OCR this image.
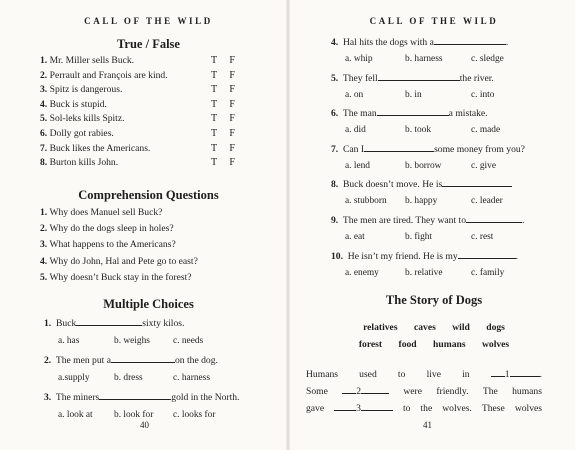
CALL OF THE WILD
True / False
1. Mr. Miller sells Buck.	T F
2. Perrault and François are kind.	T F
3. Spitz is dangerous.	T F
4. Buck is stupid.	T F
5. Sol-leks kills Spitz.	T F
6. Dolly got rabies.	T F
7. Buck likes the Americans.	T F
8. Burton kills John.	T F
Comprehension Questions
1. Why does Manuel sell Buck?
2. Why do the dogs sleep in holes?
3. What happens to the Americans?
4. Why do John, Hal and Pete go to east?
5. Why doesn’t Buck stay in the forest?
Multiple Choices
1. Buck	sixty kilos.
a. has	b. weighs c. needs
2. The men put a	on the dog.
a.supply	b. dress	c. harness
3. The miners	gold in the North.
a. look at b. look for c. looks for
40
CALL OF THE WILD
41
4. Hal hits the dogs with a	.
a. whip	b. harness	c. sledge
5. They fell	the river.
a. on	b. in	c. into
6. The man	a mistake.
a. did	b. took	c. made
7. Can I	some money from you?
a. lend	b. borrow	c. give
8. Buck doesn’t move. He is
a. stubborn b. happy	c. leader
9. The men are tired. They want to	.
a. eat	b. fight	c. rest
10. He isn’t my friend. He is my	.
a. enemy	b. relative	c. family
The Story of Dogs
relatives caves wild dogs
forest food humans wolves
Humans used to live in	1	.
Some	2	were friendly. The humans
gave	3	to the wolves. These wolves
